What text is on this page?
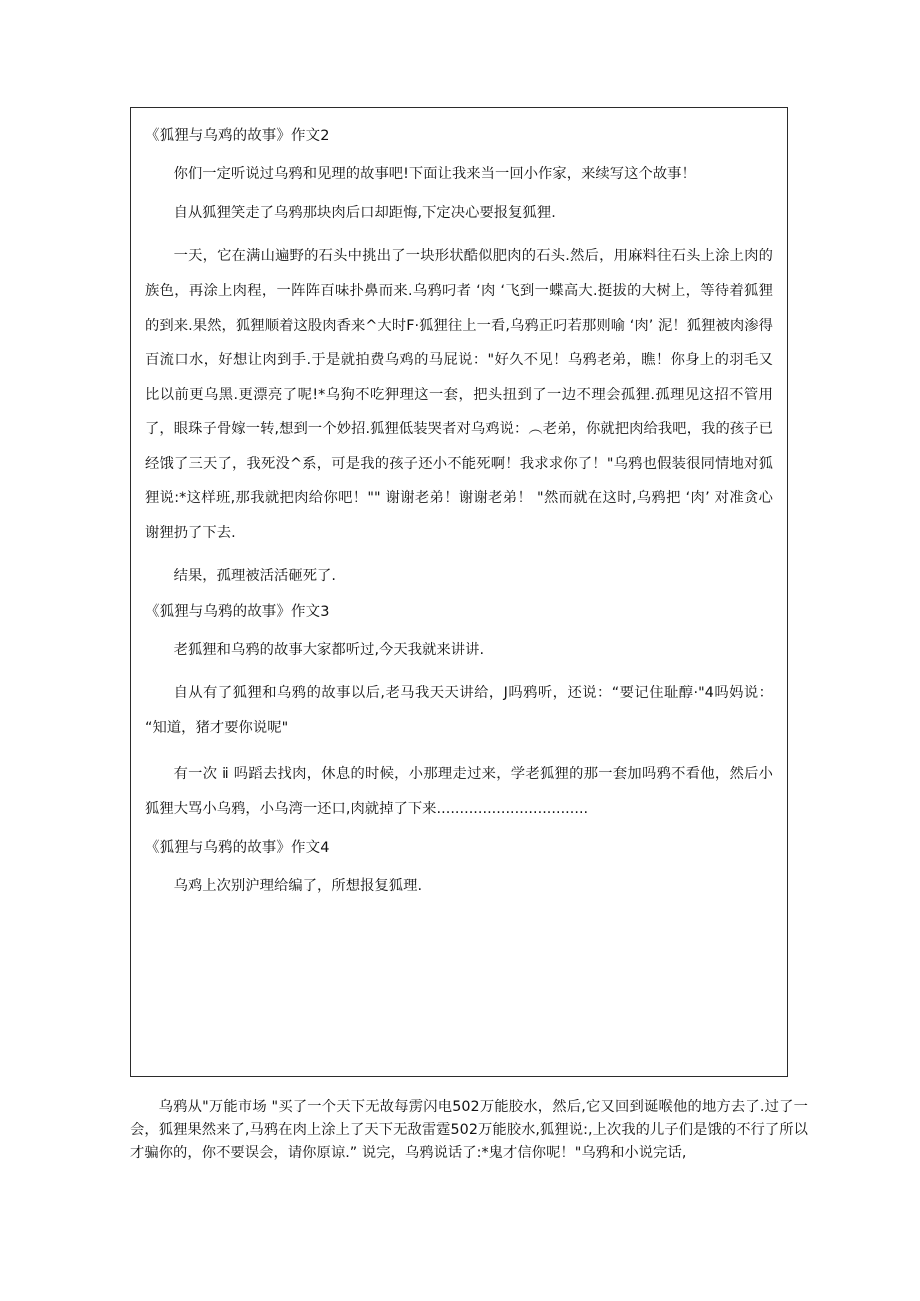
《狐狸与乌鸡的故事》作文2

你们一定听说过乌鸦和见理的故事吧!下面让我来当一回小作家，来续写这个故事！

自从狐狸笑走了乌鸦那块肉后口却距悔,下定决心要报复狐狸.

一天，它在满山遍野的石头中挑出了一块形状酷似肥肉的石头.然后，用麻料往石头上涂上肉的族色，再涂上肉程，一阵阵百味扑鼻而来.乌鸦叼者 ‘肉 ‘飞到一蝶高大.挺拔的大树上，等待着狐狸的到来.果然，狐狸顺着这股肉香来^大时F·狐狸往上一看,乌鸦正叼若那则喻 ‘肉’ 泥！狐狸被肉渗得百流口水，好想让肉到手.于是就拍费乌鸡的马屁说："好久不见！乌鸦老弟，瞧！你身上的羽毛又比以前更乌黑.更漂亮了呢!*乌狗不吃狎理这一套，把头扭到了一边不理会孤狸.孤理见这招不管用了，眼珠子骨嫁一转,想到一个妙招.狐狸低装哭者对乌鸡说：︵老弟，你就把肉给我吧，我的孩子已经饿了三天了，我死没^系，可是我的孩子还小不能死啊！我求求你了！"乌鸦也假装很同情地对狐狸说:*这样班,那我就把肉给你吧！"" 谢谢老弟！谢谢老弟！ "然而就在这时,乌鸦把 ‘肉’ 对准贪心谢狸扔了下去.

结果，孤理被活活砸死了.

《狐狸与乌鸦的故事》作文3

老狐狸和乌鸦的故事大家都听过,今天我就来讲讲.

自从有了狐狸和乌鸦的故事以后,老马我天天讲给，J吗鸦听，还说：“要记住耻醇·"4吗妈说：“知道，猪才要你说呢"

有一次 ⅱ 吗蹈去找肉，休息的时候，小那理走过来，学老狐狸的那一套加吗鸦不看他，然后小狐狸大骂小乌鸦，小乌湾一还口,肉就掉了下来.................................

《狐狸与乌鸦的故事》作文4

乌鸡上次别沪理给编了，所想报复狐理.

乌鸦从"万能市场 "买了一个天下无故每雳闪电502万能胶水，然后,它又回到诞喉他的地方去了.过了一会，狐狸果然来了,马鸦在肉上涂上了天下无敌雷霆502万能胶水,狐狸说:,上次我的儿子们是饿的不行了所以才骗你的，你不要误会，请你原谅.” 说完，乌鸦说话了:*鬼才信你呢！"乌鸦和小说完话,
